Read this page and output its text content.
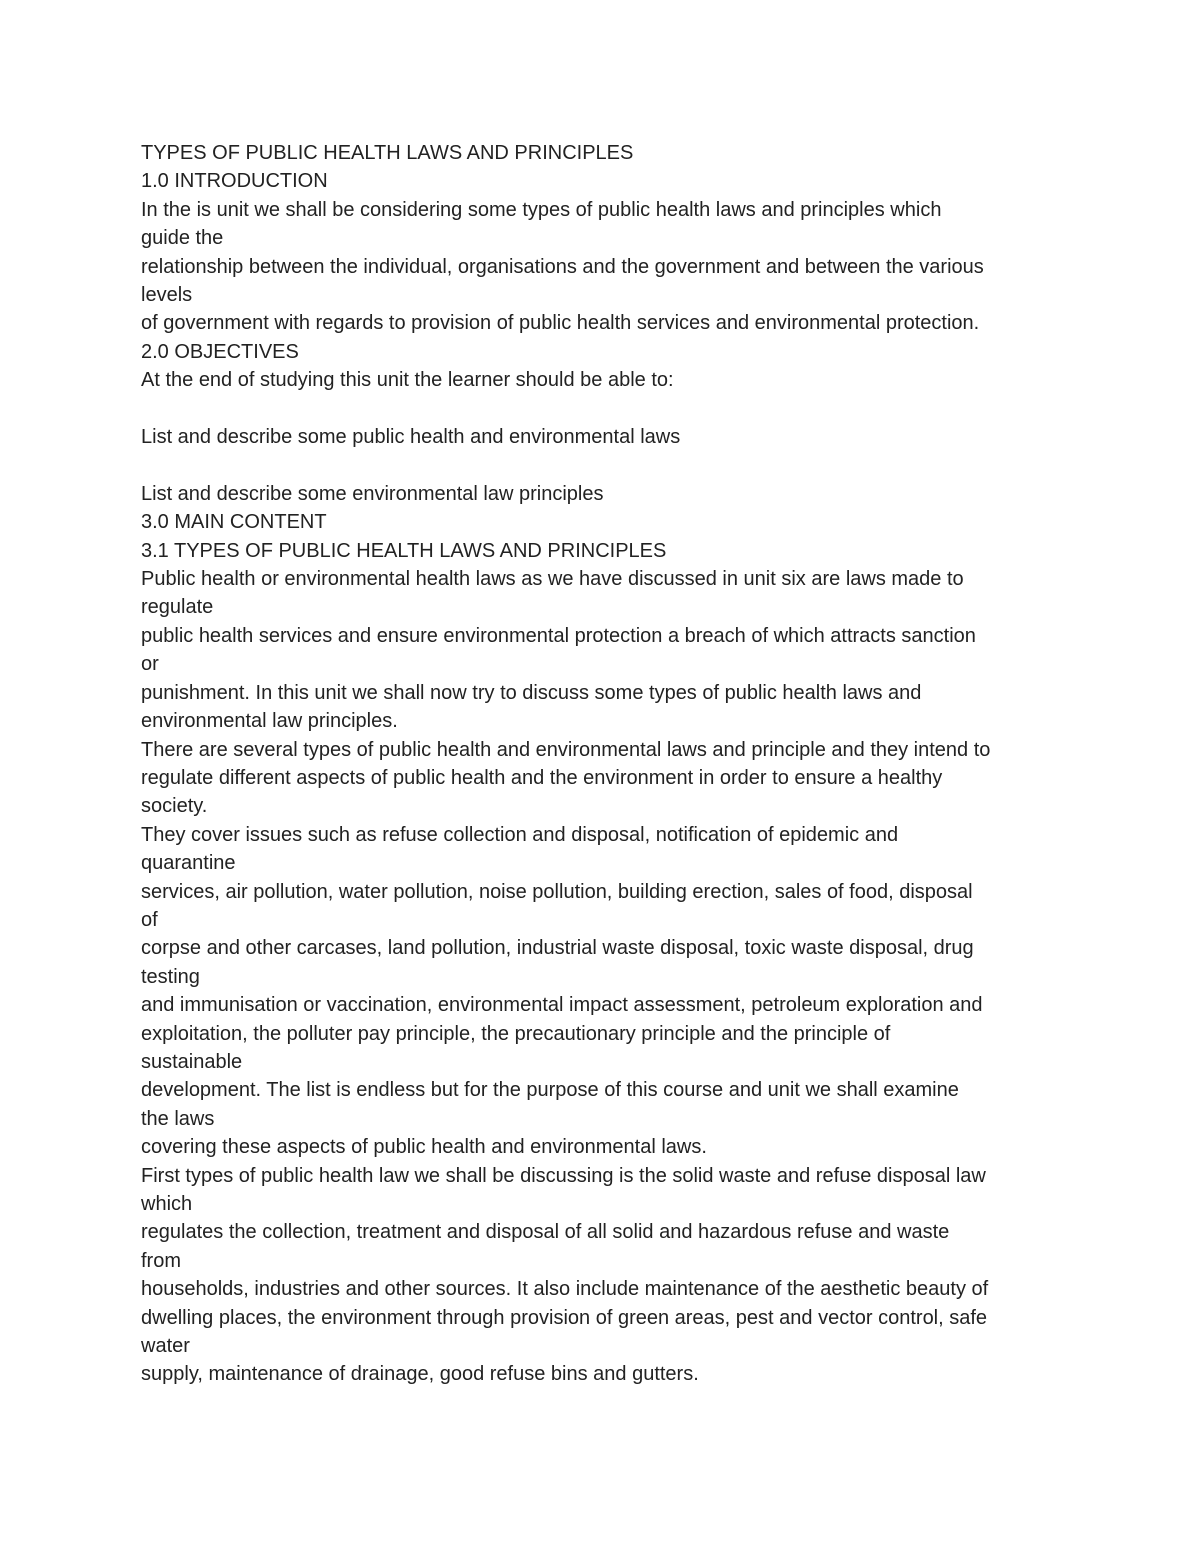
TYPES OF PUBLIC HEALTH LAWS AND PRINCIPLES
1.0 INTRODUCTION
In the is unit we shall be considering some types of public health laws and principles which
guide the
relationship between the individual, organisations and the government and between the various
levels
of government with regards to provision of public health services and environmental protection.
2.0 OBJECTIVES
At the end of studying this unit the learner should be able to:
List and describe some public health and environmental laws
List and describe some environmental law principles
3.0 MAIN CONTENT
3.1 TYPES OF PUBLIC HEALTH LAWS AND PRINCIPLES
Public health or environmental health laws as we have discussed in unit six are laws made to
regulate
public health services and ensure environmental protection a breach of which attracts sanction
or
punishment. In this unit we shall now try to discuss some types of public health laws and
environmental law principles.
There are several types of public health and environmental laws and principle and they intend to
regulate different aspects of public health and the environment in order to ensure a healthy
society.
They cover issues such as refuse collection and disposal, notification of epidemic and
quarantine
services, air pollution, water pollution, noise pollution, building erection, sales of food, disposal
of
corpse and other carcases, land pollution, industrial waste disposal, toxic waste disposal, drug
testing
and immunisation or vaccination, environmental impact assessment, petroleum exploration and
exploitation, the polluter pay principle, the precautionary principle and the principle of
sustainable
development. The list is endless but for the purpose of this course and unit we shall examine
the laws
covering these aspects of public health and environmental laws.
First types of public health law we shall be discussing is the solid waste and refuse disposal law
which
regulates the collection, treatment and disposal of all solid and hazardous refuse and waste
from
households, industries and other sources. It also include maintenance of the aesthetic beauty of
dwelling places, the environment through provision of green areas, pest and vector control, safe
water
supply, maintenance of drainage, good refuse bins and gutters.
